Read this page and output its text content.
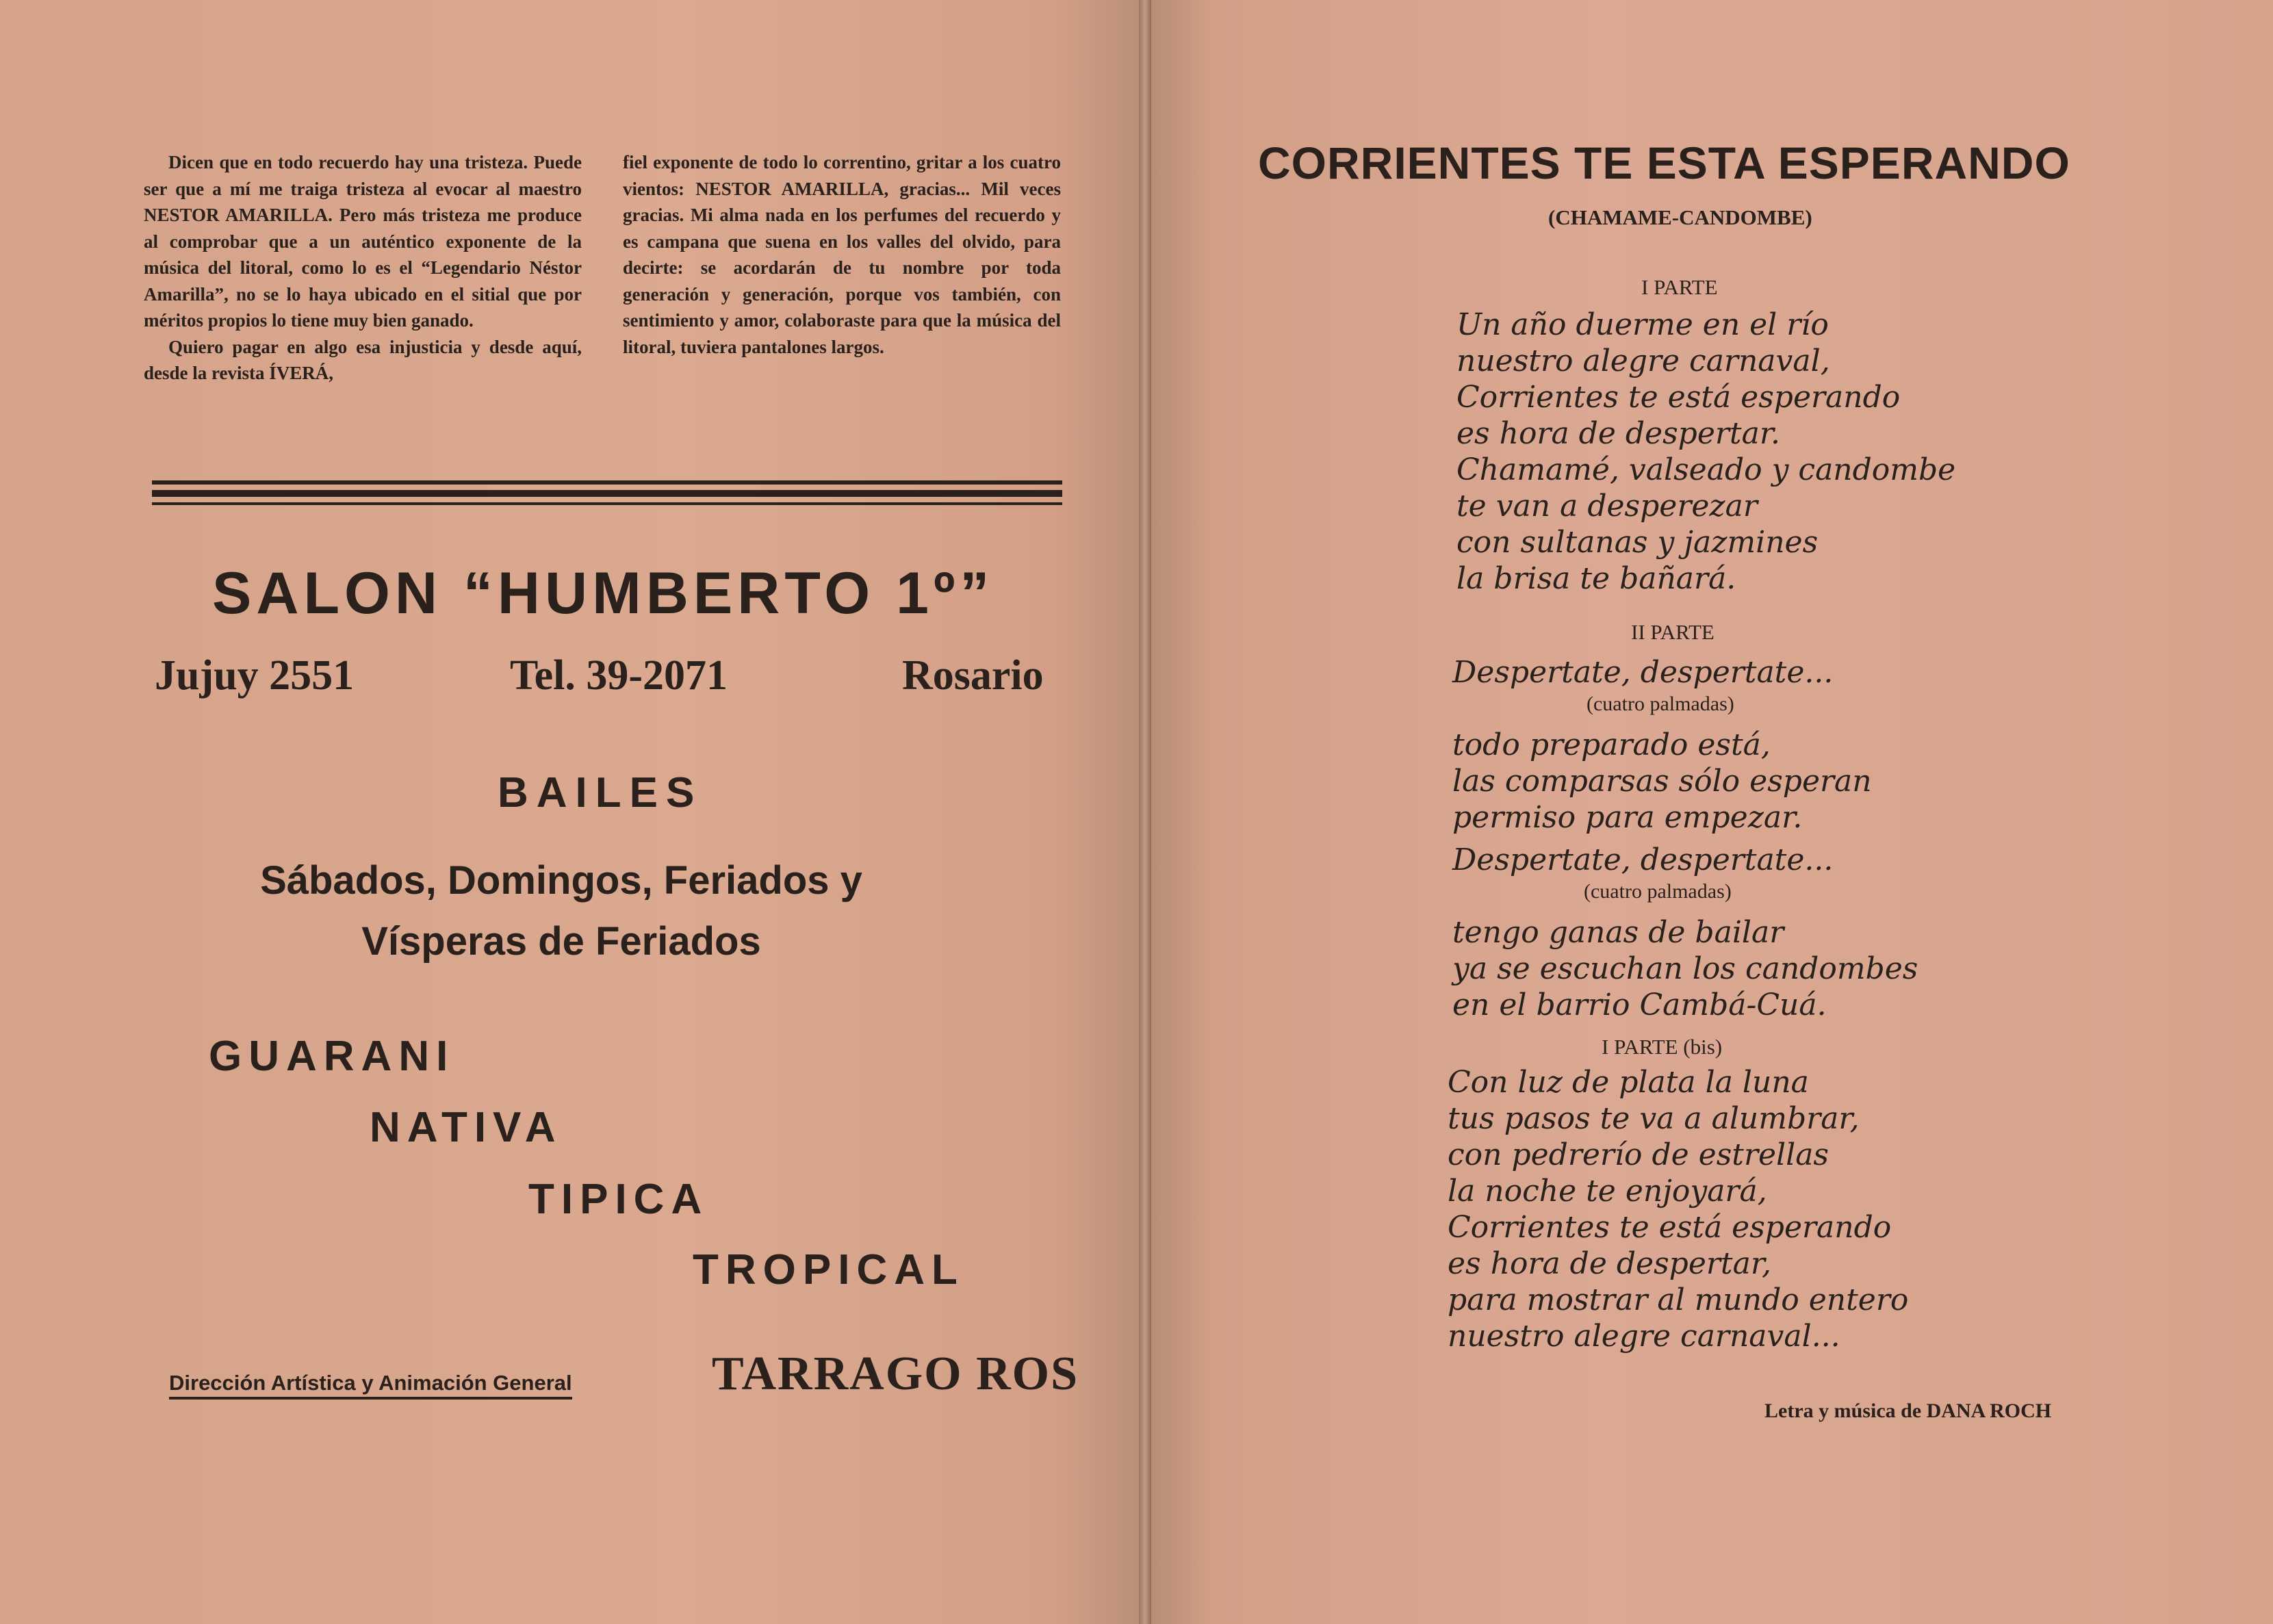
Dicen que en todo recuerdo hay una tristeza. Puede ser que a mí me traiga tristeza al evocar al maestro NESTOR AMARILLA. Pero más tristeza me produce al comprobar que a un auténtico exponente de la música del litoral, como lo es el “Legendario Néstor Amarilla”, no se lo haya ubicado en el sitial que por méritos propios lo tiene muy bien ganado.

Quiero pagar en algo esa injusticia y desde aquí, desde la revista ÍVERÁ,

fiel exponente de todo lo correntino, gritar a los cuatro vientos: NESTOR AMARILLA, gracias... Mil veces gracias. Mi alma nada en los perfumes del recuerdo y es campana que suena en los valles del olvido, para decirte: se acordarán de tu nombre por toda generación y generación, porque vos también, con sentimiento y amor, colaboraste para que la música del litoral, tuviera pantalones largos.

SALON “HUMBERTO 1º”
Jujuy 2551	Tel. 39-2071	Rosario
BAILES
Sábados, Domingos, Feriados y
Vísperas de Feriados
GUARANI
NATIVA
TIPICA
TROPICAL
Dirección Artística y Animación General	TARRAGO ROS
CORRIENTES TE ESTA ESPERANDO
(CHAMAME-CANDOMBE)
I PARTE
Un año duerme en el río
nuestro alegre carnaval,
Corrientes te está esperando
es hora de despertar.
Chamamé, valseado y candombe
te van a desperezar
con sultanas y jazmines
la brisa te bañará.
II PARTE
Despertate, despertate...
todo preparado está,
las comparsas sólo esperan
permiso para empezar.
(cuatro palmadas)
Despertate, despertate...
tengo ganas de bailar
ya se escuchan los candombes
en el barrio Cambá-Cuá.
(cuatro palmadas)
I PARTE (bis)
Con luz de plata la luna
tus pasos te va a alumbrar,
con pedrerío de estrellas
la noche te enjoyará,
Corrientes te está esperando
es hora de despertar,
para mostrar al mundo entero
nuestro alegre carnaval...
Letra y música de DANA ROCH
